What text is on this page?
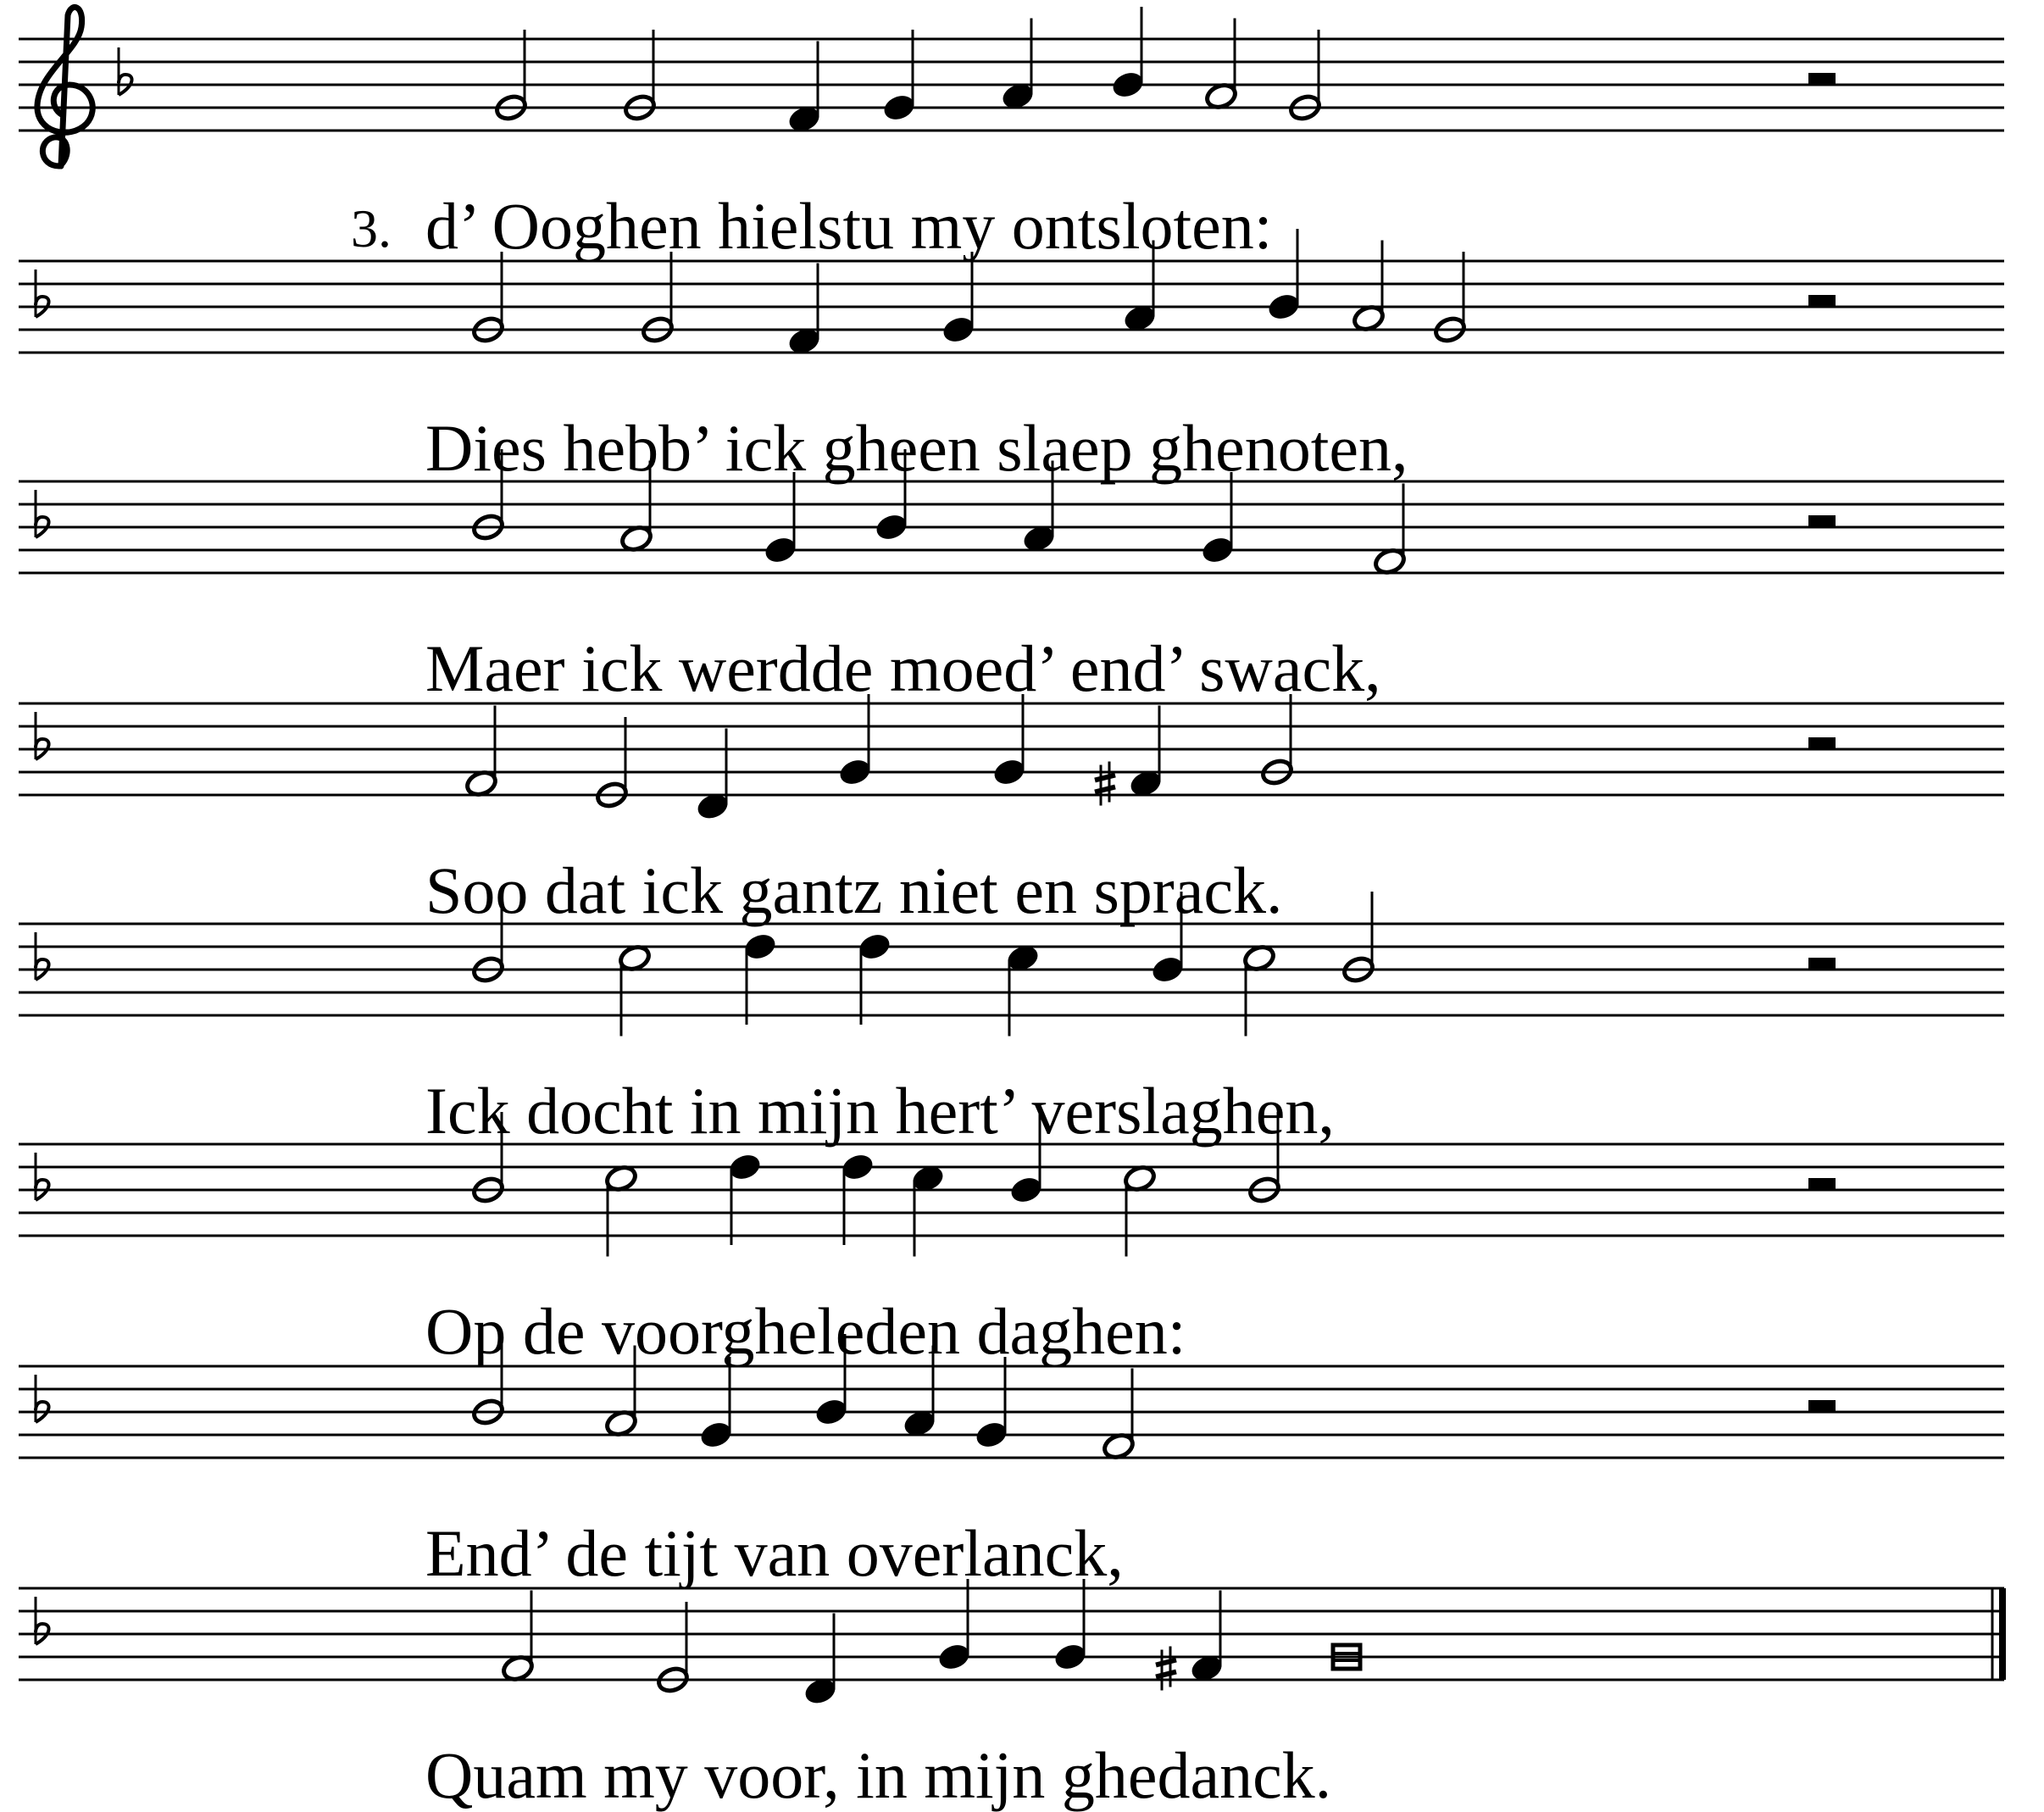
d’ Ooghen hielstu my ontsloten:
Dies hebb’ ick gheen slaep ghenoten,
Maer ick werdde moed’ end’ swack,
Soo dat ick gantz niet en sprack.
Ick docht in mijn hert’ verslaghen,
Op de voorgheleden daghen:
End’ de tijt van overlanck,
Quam my voor, in mijn ghedanck.
3.
